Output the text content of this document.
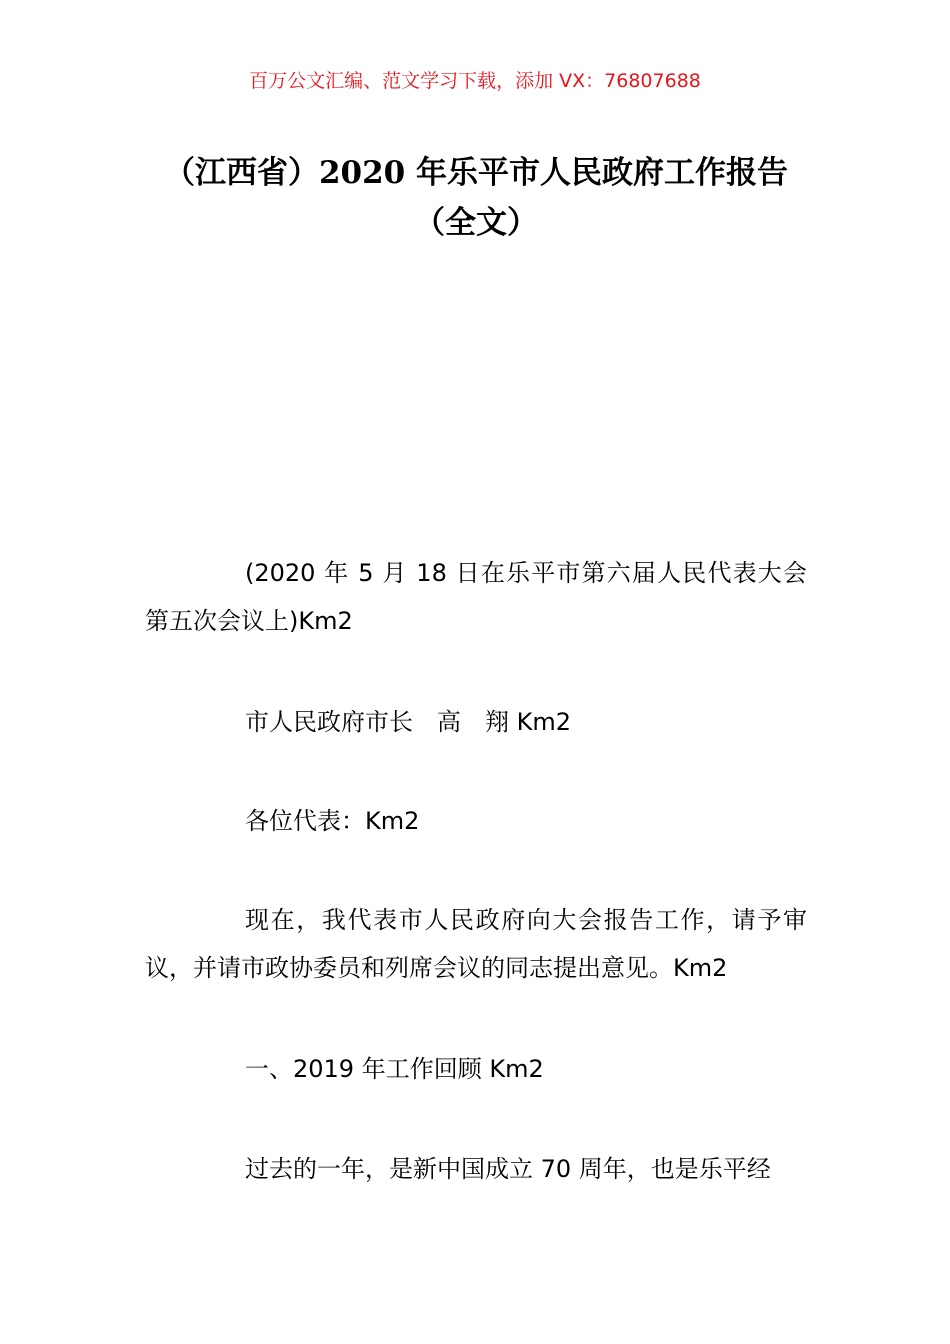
百万公文汇编、范文学习下载，添加 VX：76807688
（江西省）2020 年乐平市人民政府工作报告（全文）

(2020 年 5 月 18 日在乐平市第六届人民代表大会第五次会议上)Km2

市人民政府市长　高　翔 Km2

各位代表：Km2

现在，我代表市人民政府向大会报告工作，请予审议，并请市政协委员和列席会议的同志提出意见。Km2

一、2019 年工作回顾 Km2

过去的一年，是新中国成立 70 周年，也是乐平经
